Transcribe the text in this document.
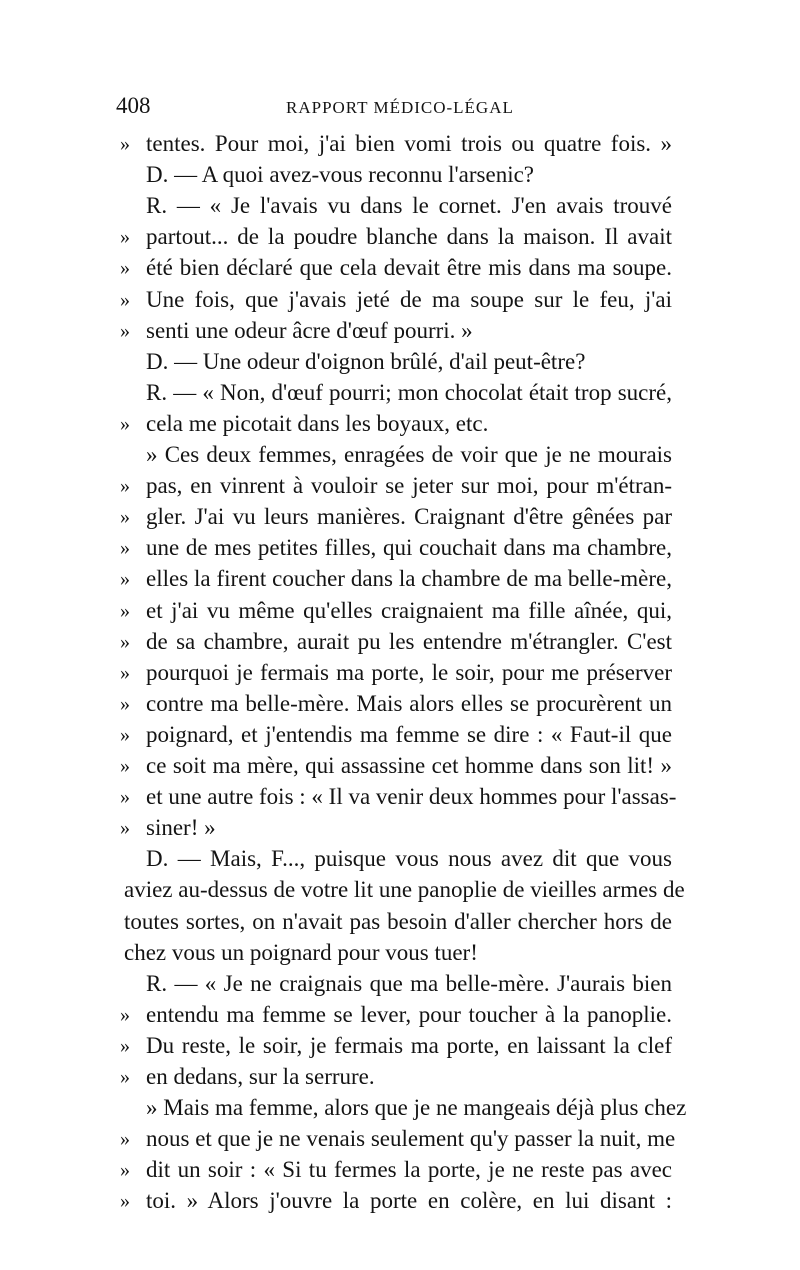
408	RAPPORT MÉDICO-LÉGAL
» tentes. Pour moi, j'ai bien vomi trois ou quatre fois. »
D. — A quoi avez-vous reconnu l'arsenic?
R. — « Je l'avais vu dans le cornet. J'en avais trouvé
» partout... de la poudre blanche dans la maison. Il avait
» été bien déclaré que cela devait être mis dans ma soupe.
» Une fois, que j'avais jeté de ma soupe sur le feu, j'ai
» senti une odeur âcre d'œuf pourri. »
D. — Une odeur d'oignon brûlé, d'ail peut-être?
R. — « Non, d'œuf pourri; mon chocolat était trop sucré,
» cela me picotait dans les boyaux, etc.
» Ces deux femmes, enragées de voir que je ne mourais
» pas, en vinrent à vouloir se jeter sur moi, pour m'étran-
» gler. J'ai vu leurs manières. Craignant d'être gênées par
» une de mes petites filles, qui couchait dans ma chambre,
» elles la firent coucher dans la chambre de ma belle-mère,
» et j'ai vu même qu'elles craignaient ma fille aînée, qui,
» de sa chambre, aurait pu les entendre m'étrangler. C'est
» pourquoi je fermais ma porte, le soir, pour me préserver
» contre ma belle-mère. Mais alors elles se procurèrent un
» poignard, et j'entendis ma femme se dire : « Faut-il que
» ce soit ma mère, qui assassine cet homme dans son lit! »
» et une autre fois : « Il va venir deux hommes pour l'assas-
» siner! »
D. — Mais, F..., puisque vous nous avez dit que vous
aviez au-dessus de votre lit une panoplie de vieilles armes de
toutes sortes, on n'avait pas besoin d'aller chercher hors de
chez vous un poignard pour vous tuer!
R. — « Je ne craignais que ma belle-mère. J'aurais bien
» entendu ma femme se lever, pour toucher à la panoplie.
» Du reste, le soir, je fermais ma porte, en laissant la clef
» en dedans, sur la serrure.
» Mais ma femme, alors que je ne mangeais déjà plus chez
» nous et que je ne venais seulement qu'y passer la nuit, me
» dit un soir : « Si tu fermes la porte, je ne reste pas avec
» toi. » Alors j'ouvre la porte en colère, en lui disant :
